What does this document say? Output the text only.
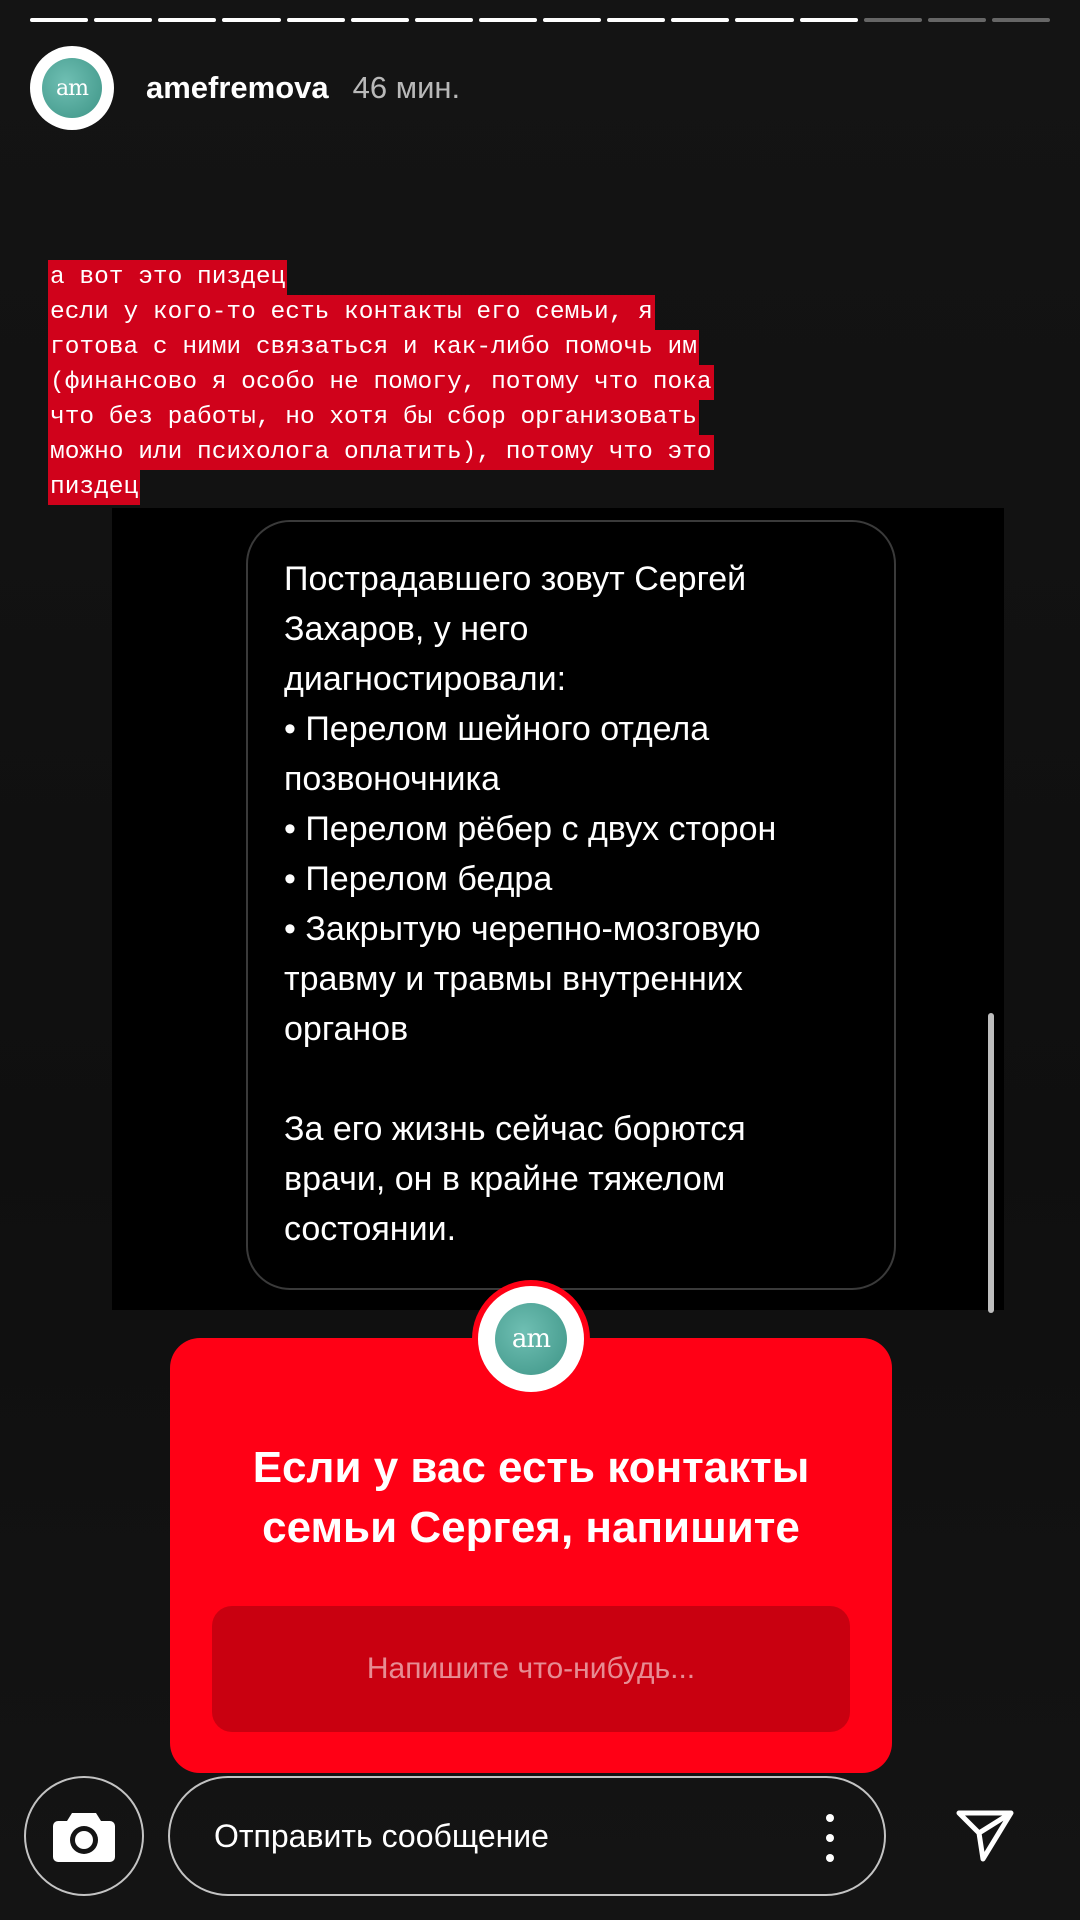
am	amefremova 46 мин.
а вот это пиздец
если у кого-то есть контакты его семьи, я
готова с ними связаться и как-либо помочь им
(финансово я особо не помогу, потому что пока
что без работы, но хотя бы сбор организовать
можно или психолога оплатить), потому что это
пиздец

Пострадавшего зовут Сергей

Захаров, у него

диагностировали:

• Перелом шейного отдела

позвоночника

• Перелом рёбер с двух сторон

• Перелом бедра

• Закрытую черепно-мозговую

травму и травмы внутренних

органов

За его жизнь сейчас борются

врачи, он в крайне тяжелом

состоянии.

Если у вас есть контакты
семьи Сергея, напишите
Напишите что-нибудь...
am
Отправить сообщение
